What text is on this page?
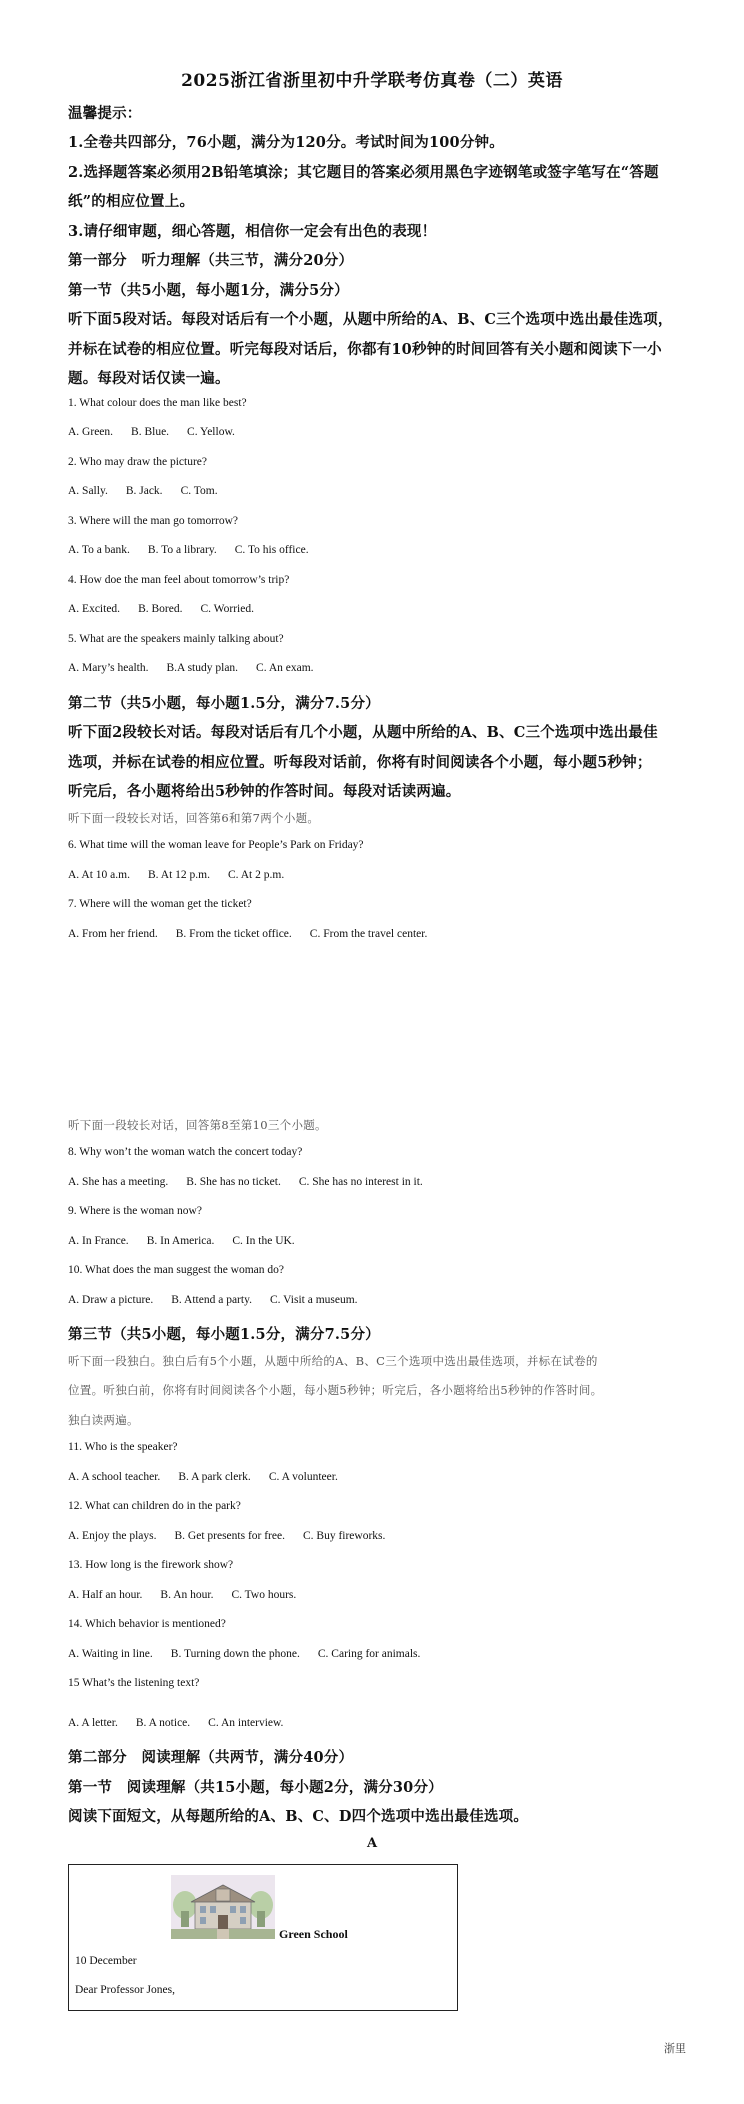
2025浙江省浙里初中升学联考仿真卷（二）英语
温馨提示：
1.全卷共四部分，76小题，满分为120分。考试时间为100分钟。
2.选择题答案必须用2B铅笔填涂；其它题目的答案必须用黑色字迹钢笔或签字笔写在“答题
纸”的相应位置上。
3.请仔细审题，细心答题，相信你一定会有出色的表现！
第一部分　听力理解（共三节，满分20分）
第一节（共5小题，每小题1分，满分5分）
听下面5段对话。每段对话后有一个小题，从题中所给的A、B、C三个选项中选出最佳选项，
并标在试卷的相应位置。听完每段对话后，你都有10秒钟的时间回答有关小题和阅读下一小
题。每段对话仅读一遍。
1. What colour does the man like best?
A. Green. B. Blue. C. Yellow.
2. Who may draw the picture?
A. Sally. B. Jack. C. Tom.
3. Where will the man go tomorrow?
A. To a bank. B. To a library. C. To his office.
4. How doe the man feel about tomorrow’s trip?
A. Excited. B. Bored. C. Worried.
5. What are the speakers mainly talking about?
A. Mary’s health. B.A study plan. C. An exam.
第二节（共5小题，每小题1.5分，满分7.5分）
听下面2段较长对话。每段对话后有几个小题，从题中所给的A、B、C三个选项中选出最佳
选项，并标在试卷的相应位置。听每段对话前，你将有时间阅读各个小题，每小题5秒钟；
听完后，各小题将给出5秒钟的作答时间。每段对话读两遍。
听下面一段较长对话，回答第6和第7两个小题。
6. What time will the woman leave for People’s Park on Friday?
A. At 10 a.m. B. At 12 p.m. C. At 2 p.m.
7. Where will the woman get the ticket?
A. From her friend. B. From the ticket office. C. From the travel center.
听下面一段较长对话，回答第8至第10三个小题。
8. Why won’t the woman watch the concert today?
A. She has a meeting. B. She has no ticket. C. She has no interest in it.
9. Where is the woman now?
A. In France. B. In America. C. In the UK.
10. What does the man suggest the woman do?
A. Draw a picture. B. Attend a party. C. Visit a museum.
第三节（共5小题，每小题1.5分，满分7.5分）
听下面一段独白。独白后有5个小题，从题中所给的A、B、C三个选项中选出最佳选项，并标在试卷的
位置。听独白前，你将有时间阅读各个小题，每小题5秒钟；听完后，各小题将给出5秒钟的作答时间。
独白读两遍。
11. Who is the speaker?
A. A school teacher. B. A park clerk. C. A volunteer.
12. What can children do in the park?
A. Enjoy the plays. B. Get presents for free. C. Buy fireworks.
13. How long is the firework show?
A. Half an hour. B. An hour. C. Two hours.
14. Which behavior is mentioned?
A. Waiting in line. B. Turning down the phone. C. Caring for animals.
15 What’s the listening text?
A. A letter. B. A notice. C. An interview.
第二部分　阅读理解（共两节，满分40分）
第一节　阅读理解（共15小题，每小题2分，满分30分）
阅读下面短文，从每题所给的A、B、C、D四个选项中选出最佳选项。
A
Green School
10 December
Dear Professor Jones,
浙里
